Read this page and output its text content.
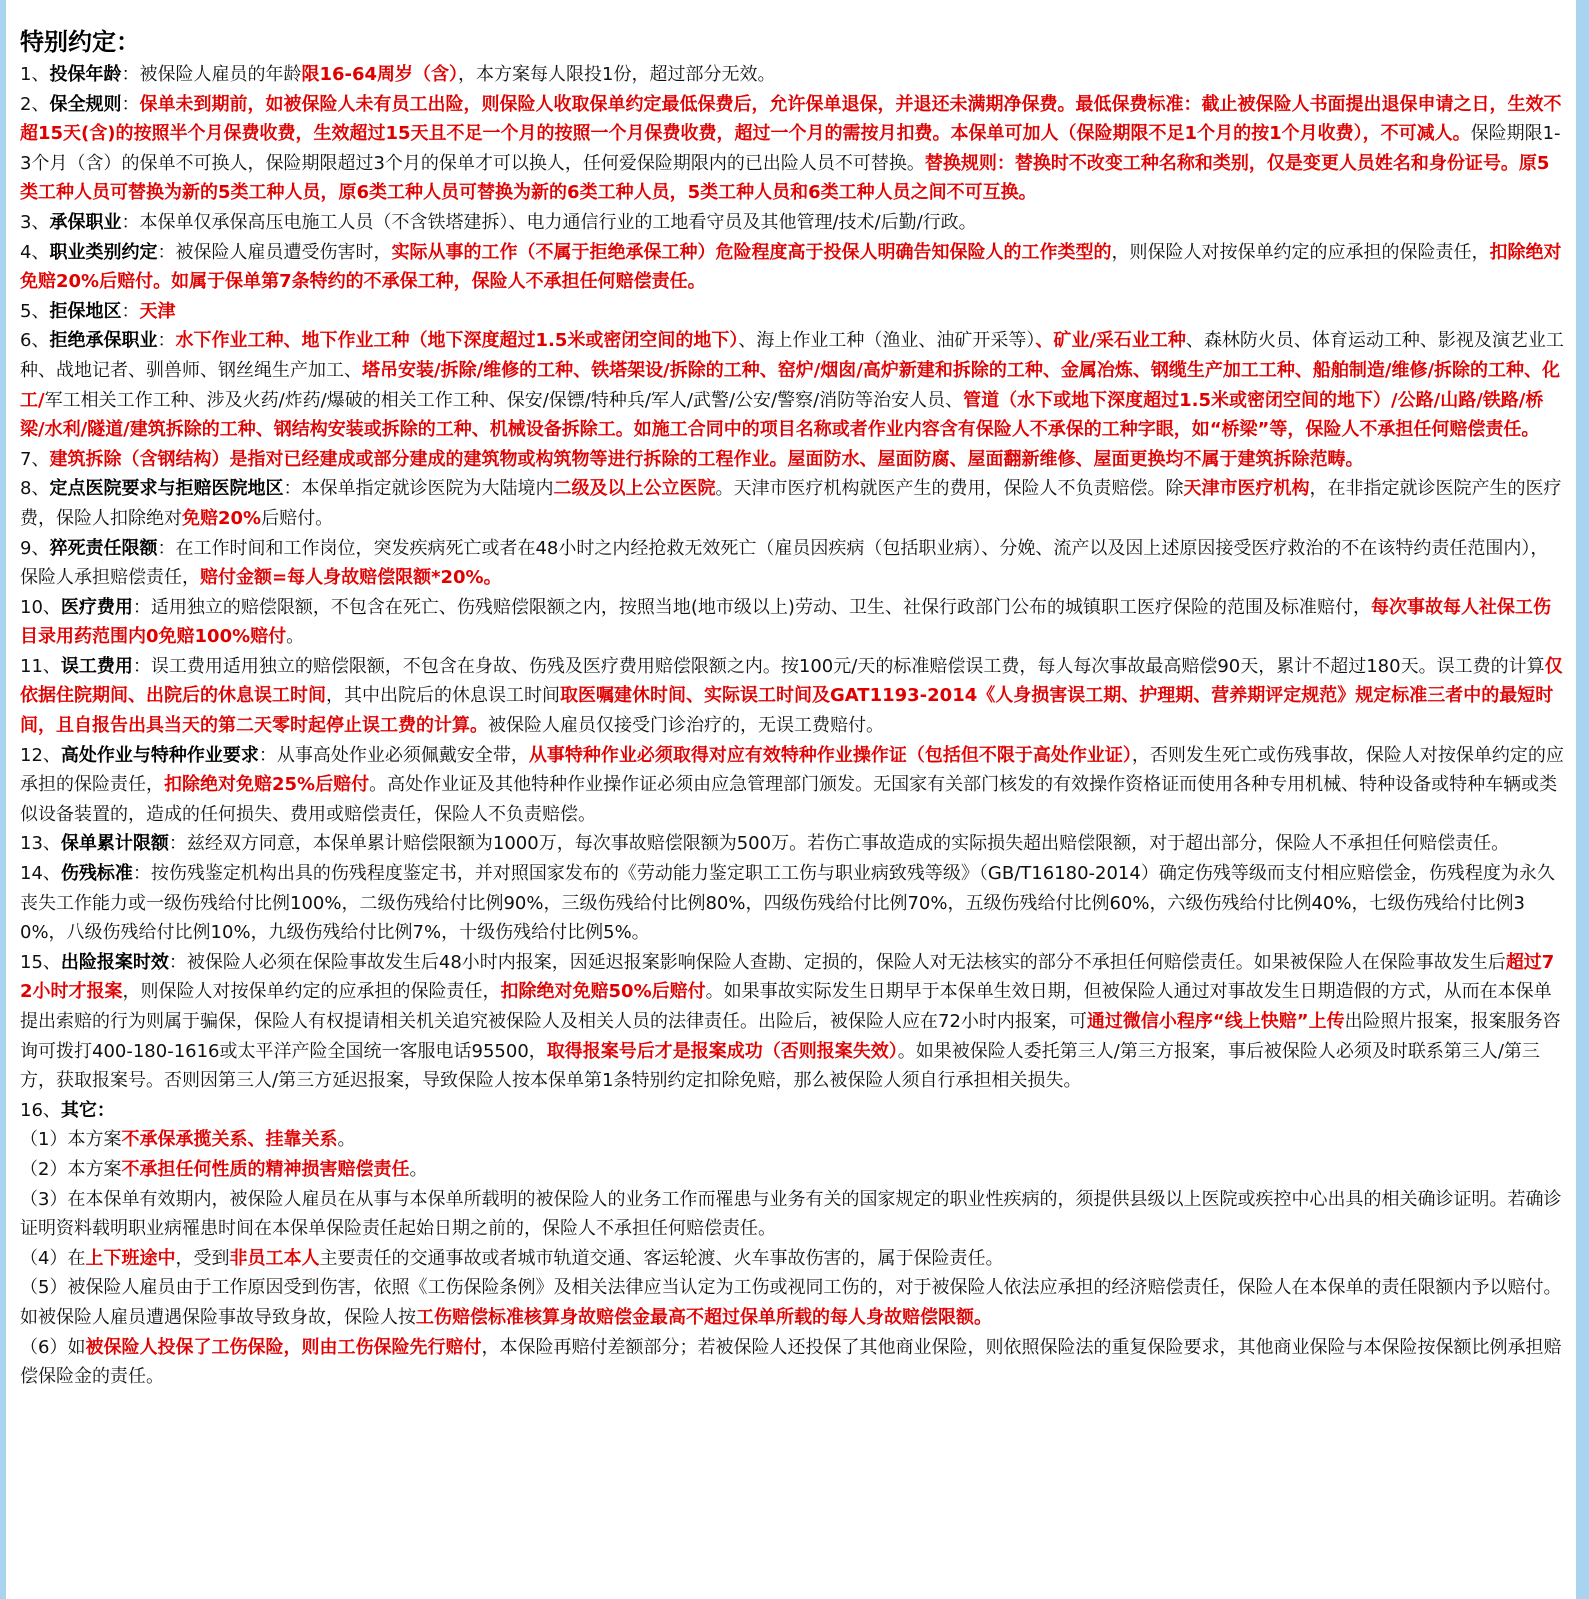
特别约定：
1、投保年龄：被保险人雇员的年龄限16-64周岁（含），本方案每人限投1份，超过部分无效。
2、保全规则：保单未到期前，如被保险人未有员工出险，则保险人收取保单约定最低保费后，允许保单退保，并退还未满期净保费。最低保费标准：截止被保险人书面提出退保申请之日，生效不超15天(含)的按照半个月保费收费，生效超过15天且不足一个月的按照一个月保费收费，超过一个月的需按月扣费。本保单可加人（保险期限不足1个月的按1个月收费），不可减人。保险期限1-3个月（含）的保单不可换人，保险期限超过3个月的保单才可以换人，任何爱保险期限内的已出险人员不可替换。替换规则：替换时不改变工种名称和类别，仅是变更人员姓名和身份证号。原5类工种人员可替换为新的5类工种人员，原6类工种人员可替换为新的6类工种人员，5类工种人员和6类工种人员之间不可互换。
3、承保职业：本保单仅承保高压电施工人员（不含铁塔建拆）、电力通信行业的工地看守员及其他管理/技术/后勤/行政。
4、职业类别约定：被保险人雇员遭受伤害时，实际从事的工作（不属于拒绝承保工种）危险程度高于投保人明确告知保险人的工作类型的，则保险人对按保单约定的应承担的保险责任，扣除绝对免赔20%后赔付。如属于保单第7条特约的不承保工种，保险人不承担任何赔偿责任。
5、拒保地区：天津
6、拒绝承保职业：水下作业工种、地下作业工种（地下深度超过1.5米或密闭空间的地下）、海上作业工种（渔业、油矿开采等）、矿业/采石业工种、森林防火员、体育运动工种、影视及演艺业工种、战地记者、驯兽师、钢丝绳生产加工、塔吊安装/拆除/维修的工种、铁塔架设/拆除的工种、窑炉/烟囱/高炉新建和拆除的工种、金属冶炼、钢缆生产加工工种、船舶制造/维修/拆除的工种、化工/军工相关工作工种、涉及火药/炸药/爆破的相关工作工种、保安/保镖/特种兵/军人/武警/公安/警察/消防等治安人员、管道（水下或地下深度超过1.5米或密闭空间的地下）/公路/山路/铁路/桥梁/水利/隧道/建筑拆除的工种、钢结构安装或拆除的工种、机械设备拆除工。如施工合同中的项目名称或者作业内容含有保险人不承保的工种字眼，如“桥梁”等，保险人不承担任何赔偿责任。
7、建筑拆除（含钢结构）是指对已经建成或部分建成的建筑物或构筑物等进行拆除的工程作业。屋面防水、屋面防腐、屋面翻新维修、屋面更换均不属于建筑拆除范畴。
8、定点医院要求与拒赔医院地区：本保单指定就诊医院为大陆境内二级及以上公立医院。天津市医疗机构就医产生的费用，保险人不负责赔偿。除天津市医疗机构，在非指定就诊医院产生的医疗费，保险人扣除绝对免赔20%后赔付。
9、猝死责任限额：在工作时间和工作岗位，突发疾病死亡或者在48小时之内经抢救无效死亡（雇员因疾病（包括职业病）、分娩、流产以及因上述原因接受医疗救治的不在该特约责任范围内），保险人承担赔偿责任，赔付金额=每人身故赔偿限额*20%。
10、医疗费用：适用独立的赔偿限额，不包含在死亡、伤残赔偿限额之内，按照当地(地市级以上)劳动、卫生、社保行政部门公布的城镇职工医疗保险的范围及标准赔付，每次事故每人社保工伤目录用药范围内0免赔100%赔付。
11、误工费用：误工费用适用独立的赔偿限额，不包含在身故、伤残及医疗费用赔偿限额之内。按100元/天的标准赔偿误工费，每人每次事故最高赔偿90天，累计不超过180天。误工费的计算仅依据住院期间、出院后的休息误工时间，其中出院后的休息误工时间取医嘱建休时间、实际误工时间及GAT1193-2014《人身损害误工期、护理期、营养期评定规范》规定标准三者中的最短时间，且自报告出具当天的第二天零时起停止误工费的计算。被保险人雇员仅接受门诊治疗的，无误工费赔付。
12、高处作业与特种作业要求：从事高处作业必须佩戴安全带，从事特种作业必须取得对应有效特种作业操作证（包括但不限于高处作业证），否则发生死亡或伤残事故，保险人对按保单约定的应承担的保险责任，扣除绝对免赔25%后赔付。高处作业证及其他特种作业操作证必须由应急管理部门颁发。无国家有关部门核发的有效操作资格证而使用各种专用机械、特种设备或特种车辆或类似设备装置的，造成的任何损失、费用或赔偿责任，保险人不负责赔偿。
13、保单累计限额：兹经双方同意，本保单累计赔偿限额为1000万，每次事故赔偿限额为500万。若伤亡事故造成的实际损失超出赔偿限额，对于超出部分，保险人不承担任何赔偿责任。
14、伤残标准：按伤残鉴定机构出具的伤残程度鉴定书，并对照国家发布的《劳动能力鉴定职工工伤与职业病致残等级》（GB/T16180-2014）确定伤残等级而支付相应赔偿金，伤残程度为永久丧失工作能力或一级伤残给付比例100%，二级伤残给付比例90%，三级伤残给付比例80%，四级伤残给付比例70%，五级伤残给付比例60%，六级伤残给付比例40%，七级伤残给付比例30%，八级伤残给付比例10%，九级伤残给付比例7%，十级伤残给付比例5%。
15、出险报案时效：被保险人必须在保险事故发生后48小时内报案，因延迟报案影响保险人查勘、定损的，保险人对无法核实的部分不承担任何赔偿责任。如果被保险人在保险事故发生后超过72小时才报案，则保险人对按保单约定的应承担的保险责任，扣除绝对免赔50%后赔付。如果事故实际发生日期早于本保单生效日期，但被保险人通过对事故发生日期造假的方式，从而在本保单提出索赔的行为则属于骗保，保险人有权提请相关机关追究被保险人及相关人员的法律责任。出险后，被保险人应在72小时内报案，可通过微信小程序“线上快赔”上传出险照片报案，报案服务咨询可拨打400-180-1616或太平洋产险全国统一客服电话95500，取得报案号后才是报案成功（否则报案失效）。如果被保险人委托第三人/第三方报案，事后被保险人必须及时联系第三人/第三方，获取报案号。否则因第三人/第三方延迟报案，导致保险人按本保单第1条特别约定扣除免赔，那么被保险人须自行承担相关损失。
16、其它：
（1）本方案不承保承揽关系、挂靠关系。
（2）本方案不承担任何性质的精神损害赔偿责任。
（3）在本保单有效期内，被保险人雇员在从事与本保单所载明的被保险人的业务工作而罹患与业务有关的国家规定的职业性疾病的，须提供县级以上医院或疾控中心出具的相关确诊证明。若确诊证明资料载明职业病罹患时间在本保单保险责任起始日期之前的，保险人不承担任何赔偿责任。
（4）在上下班途中，受到非员工本人主要责任的交通事故或者城市轨道交通、客运轮渡、火车事故伤害的，属于保险责任。
（5）被保险人雇员由于工作原因受到伤害，依照《工伤保险条例》及相关法律应当认定为工伤或视同工伤的，对于被保险人依法应承担的经济赔偿责任，保险人在本保单的责任限额内予以赔付。如被保险人雇员遭遇保险事故导致身故，保险人按工伤赔偿标准核算身故赔偿金最高不超过保单所载的每人身故赔偿限额。
（6）如被保险人投保了工伤保险，则由工伤保险先行赔付，本保险再赔付差额部分；若被保险人还投保了其他商业保险，则依照保险法的重复保险要求，其他商业保险与本保险按保额比例承担赔偿保险金的责任。
